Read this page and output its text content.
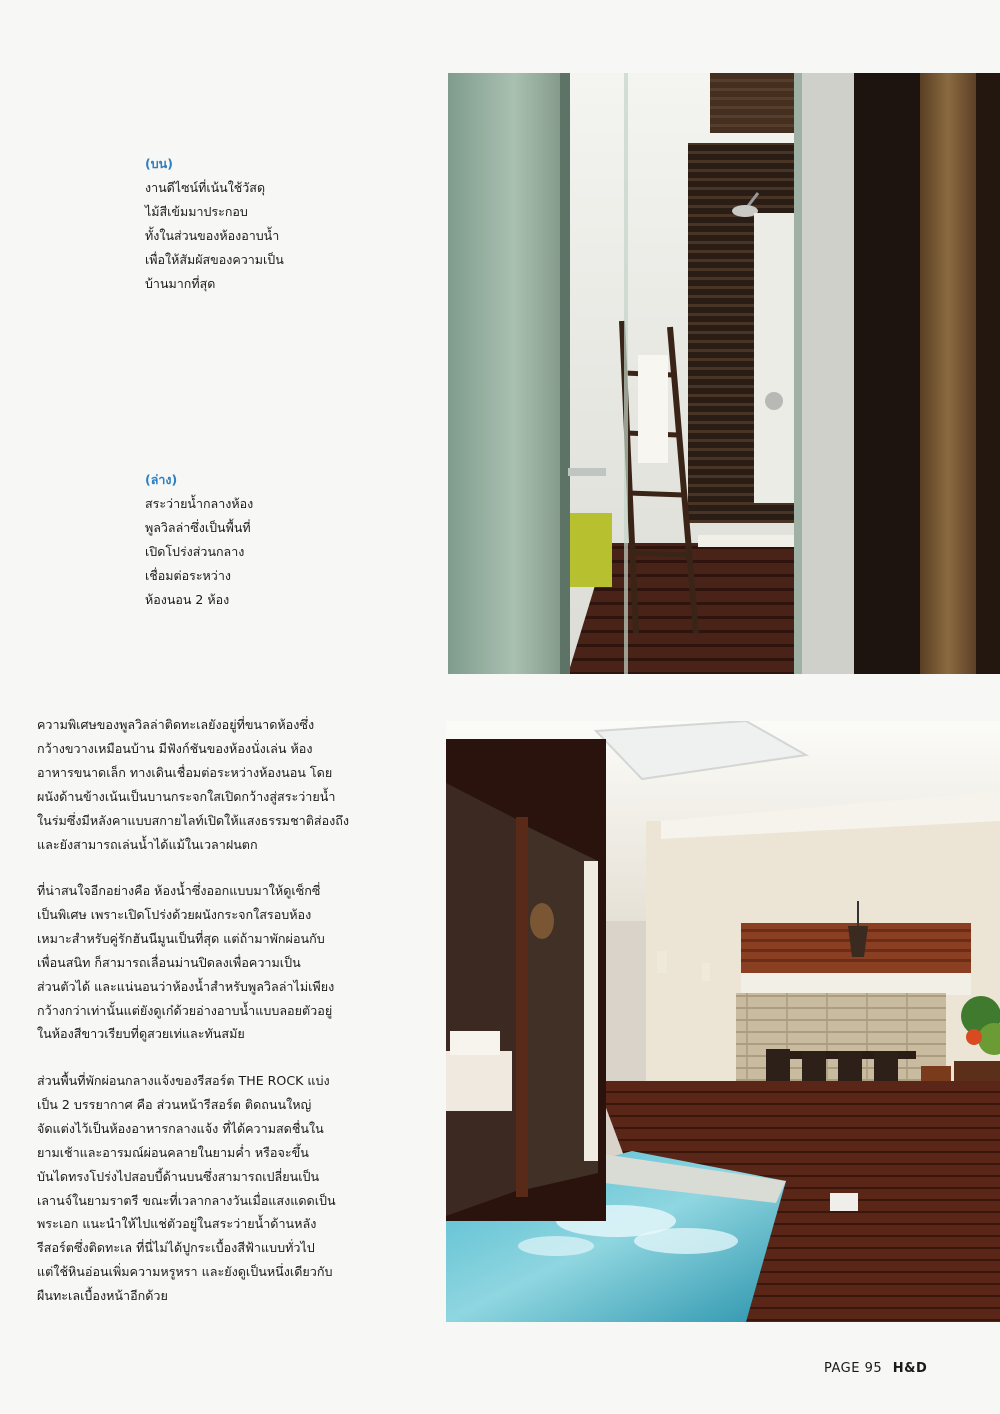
(บน)
งานดีไซน์ที่เน้นใช้วัสดุ
ไม้สีเข้มมาประกอบ
ทั้งในส่วนของห้องอาบน้ำ
เพื่อให้สัมผัสของความเป็น
บ้านมากที่สุด
(ล่าง)
สระว่ายน้ำกลางห้อง
พูลวิลล่าซึ่งเป็นพื้นที่
เปิดโปร่งส่วนกลาง
เชื่อมต่อระหว่าง
ห้องนอน 2 ห้อง
ความพิเศษของพูลวิลล่าติดทะเลยังอยู่ที่ขนาดห้องซึ่ง
กว้างขวางเหมือนบ้าน มีฟังก์ชันของห้องนั่งเล่น ห้อง
อาหารขนาดเล็ก ทางเดินเชื่อมต่อระหว่างห้องนอน โดย
ผนังด้านข้างเน้นเป็นบานกระจกใสเปิดกว้างสู่สระว่ายน้ำ
ในร่มซึ่งมีหลังคาแบบสกายไลท์เปิดให้แสงธรรมชาติส่องถึง
และยังสามารถเล่นน้ำได้แม้ในเวลาฝนตก
ที่น่าสนใจอีกอย่างคือ ห้องน้ำซึ่งออกแบบมาให้ดูเซ็กซี่
เป็นพิเศษ เพราะเปิดโปร่งด้วยผนังกระจกใสรอบห้อง
เหมาะสำหรับคู่รักฮันนีมูนเป็นที่สุด แต่ถ้ามาพักผ่อนกับ
เพื่อนสนิท ก็สามารถเลื่อนม่านปิดลงเพื่อความเป็น
ส่วนตัวได้ และแน่นอนว่าห้องน้ำสำหรับพูลวิลล่าไม่เพียง
กว้างกว่าเท่านั้นแต่ยังดูเก๋ด้วยอ่างอาบน้ำแบบลอยตัวอยู่
ในห้องสีขาวเรียบที่ดูสวยเท่และทันสมัย
ส่วนพื้นที่พักผ่อนกลางแจ้งของรีสอร์ต THE ROCK แบ่ง
เป็น 2 บรรยากาศ คือ ส่วนหน้ารีสอร์ต ติดถนนใหญ่
จัดแต่งไว้เป็นห้องอาหารกลางแจ้ง ที่ได้ความสดชื่นใน
ยามเช้าและอารมณ์ผ่อนคลายในยามค่ำ หรือจะขึ้น
บันไดทรงโปร่งไปสอบบี้ด้านบนซึ่งสามารถเปลี่ยนเป็น
เลานจ์ในยามราตรี ขณะที่เวลากลางวันเมื่อแสงแดดเป็น
พระเอก แนะนำให้ไปแช่ตัวอยู่ในสระว่ายน้ำด้านหลัง
รีสอร์ตซึ่งติดทะเล ที่นี่ไม่ได้ปูกระเบื้องสีฟ้าแบบทั่วไป
แต่ใช้หินอ่อนเพิ่มความหรูหรา และยังดูเป็นหนึ่งเดียวกับ
ผืนทะเลเบื้องหน้าอีกด้วย
PAGE 95 H&D
